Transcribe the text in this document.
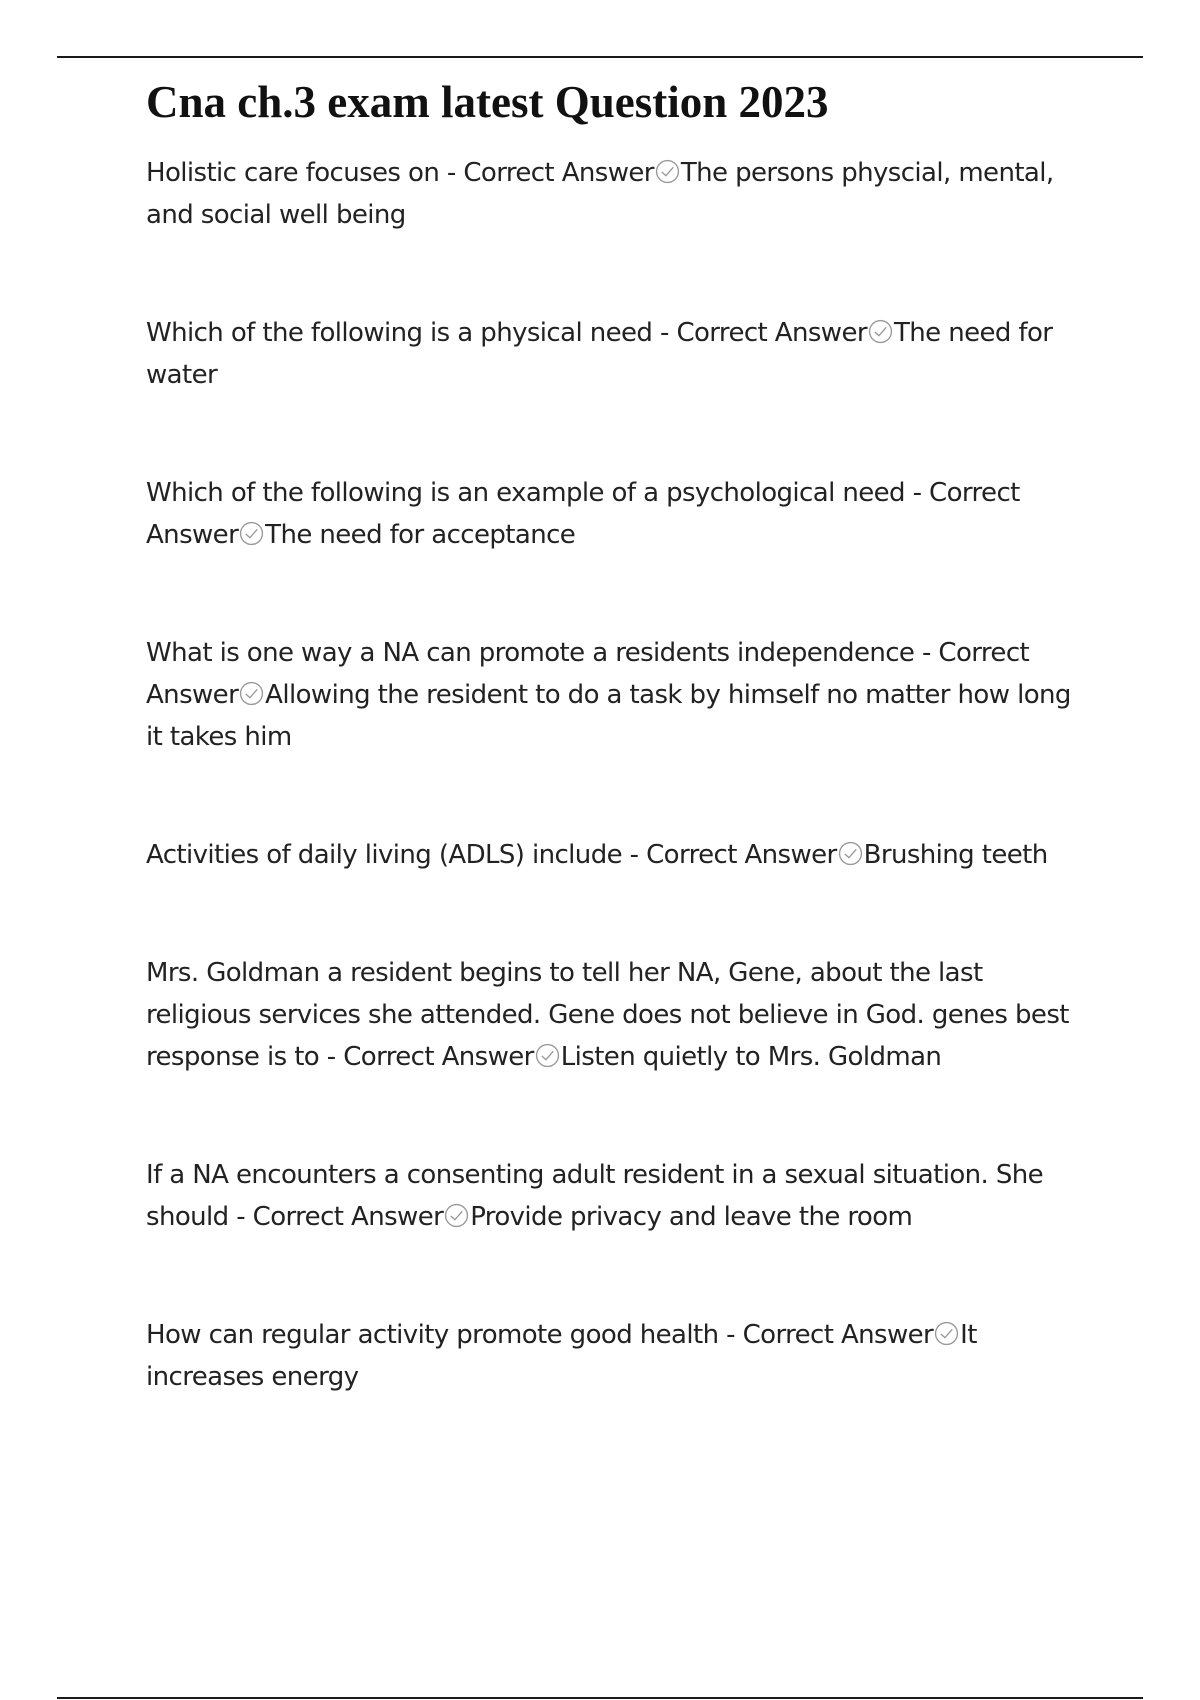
Cna ch.3 exam latest Question 2023

Holistic care focuses on - Correct Answer The persons physcial, mental, and social well being

Which of the following is a physical need - Correct Answer The need for water

Which of the following is an example of a psychological need - Correct Answer The need for acceptance

What is one way a NA can promote a residents independence - Correct Answer Allowing the resident to do a task by himself no matter how long it takes him

Activities of daily living (ADLS) include - Correct Answer Brushing teeth

Mrs. Goldman a resident begins to tell her NA, Gene, about the last religious services she attended. Gene does not believe in God. genes best response is to - Correct Answer Listen quietly to Mrs. Goldman

If a NA encounters a consenting adult resident in a sexual situation. She should - Correct Answer Provide privacy and leave the room

How can regular activity promote good health - Correct Answer It increases energy
